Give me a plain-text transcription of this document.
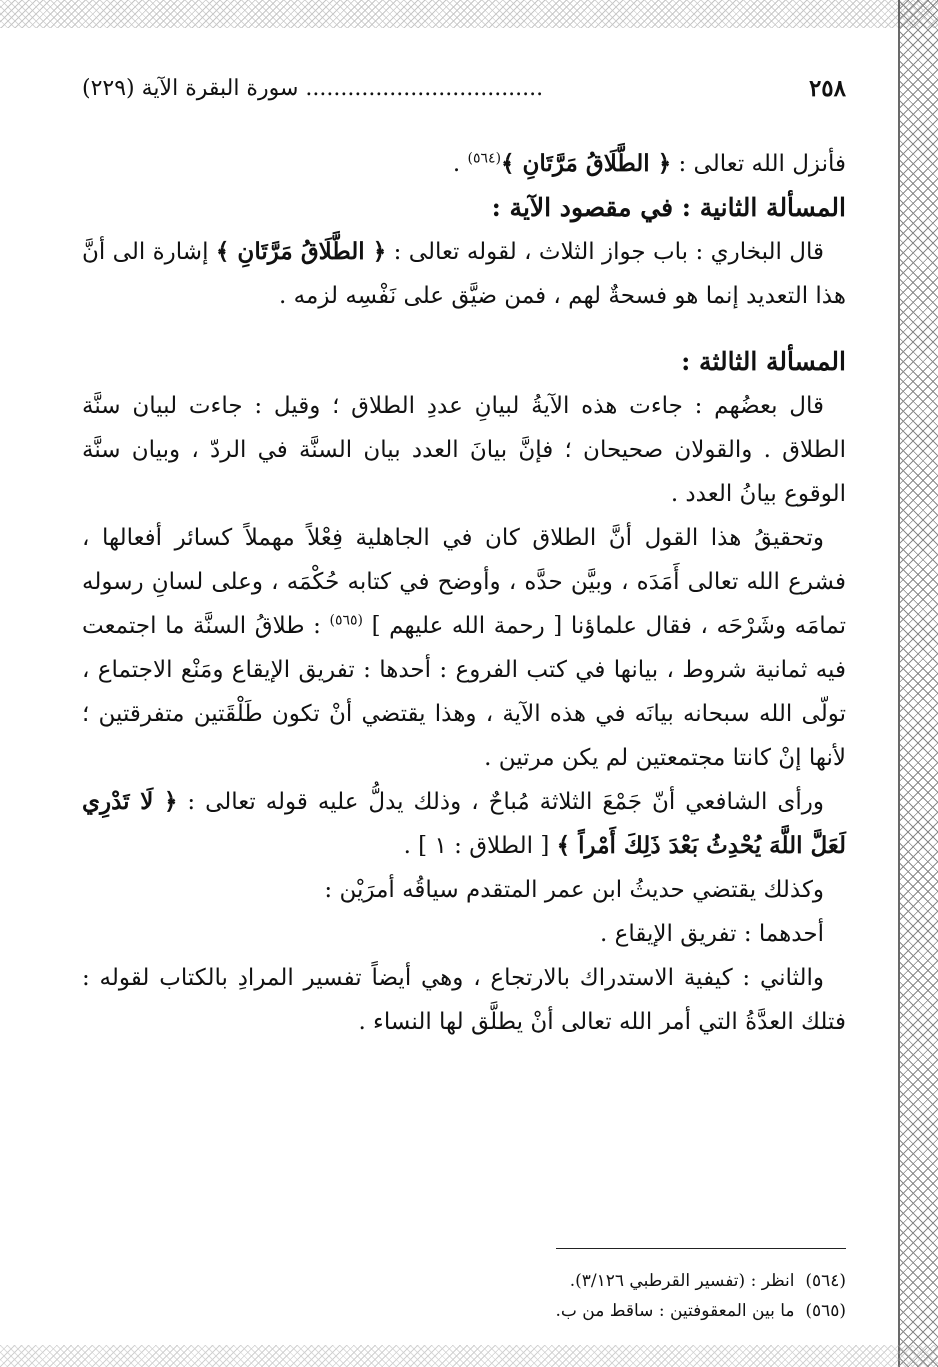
٢٥٨
.................................. سورة البقرة الآية (٢٢٩)

فأنزل الله تعالى : ﴿ الطَّلَاقُ مَرَّتَانِ ﴾$^{(٥٦٤)}$ .

المسألة الثانية : في مقصود الآية :

قال البخاري : باب جواز الثلاث ، لقوله تعالى : ﴿ الطَّلَاقُ مَرَّتَانِ ﴾ إشارة الى أنَّ هذا التعديد إنما هو فسحةٌ لهم ، فمن ضيَّق على نَفْسِه لزمه .

المسألة الثالثة :

قال بعضُهم : جاءت هذه الآيةُ لبيانِ عددِ الطلاق ؛ وقيل : جاءت لبيان سنَّة الطلاق . والقولان صحيحان ؛ فإنَّ بيانَ العدد بيان السنَّة في الردّ ، وبيان سنَّة الوقوع بيانُ العدد .

وتحقيقُ هذا القول أنَّ الطلاق كان في الجاهلية فِعْلاً مهملاً كسائر أفعالها ، فشرع الله تعالى أَمَدَه ، وبيَّن حدَّه ، وأوضح في كتابه حُكْمَه ، وعلى لسانِ رسوله تمامَه وشَرْحَه ، فقال علماؤنا [ رحمة الله عليهم ] $^{(٥٦٥)}$ : طلاقُ السنَّة ما اجتمعت فيه ثمانية شروط ، بيانها في كتب الفروع : أحدها : تفريق الإيقاع ومَنْع الاجتماع ، تولّى الله سبحانه بيانَه في هذه الآية ، وهذا يقتضي أنْ تكون طَلْقَتين متفرقتين ؛ لأنها إنْ كانتا مجتمعتين لم يكن مرتين .

ورأى الشافعي أنّ جَمْعَ الثلاثة مُباحٌ ، وذلك يدلُّ عليه قوله تعالى : ﴿ لَا تَدْرِي لَعَلَّ اللَّهَ يُحْدِثُ بَعْدَ ذَلِكَ أَمْراً ﴾ [ الطلاق : ١ ] .

وكذلك يقتضي حديثُ ابن عمر المتقدم سياقُه أمرَيْن :

أحدهما : تفريق الإيقاع .

والثاني : كيفية الاستدراك بالارتجاع ، وهي أيضاً تفسير المرادِ بالكتاب لقوله : فتلك العدَّةُ التي أمر الله تعالى أنْ يطلَّق لها النساء .

(٥٦٤)  انظر : (تفسير القرطبي ٣/١٢٦).

(٥٦٥)  ما بين المعقوفتين : ساقط من ب.
